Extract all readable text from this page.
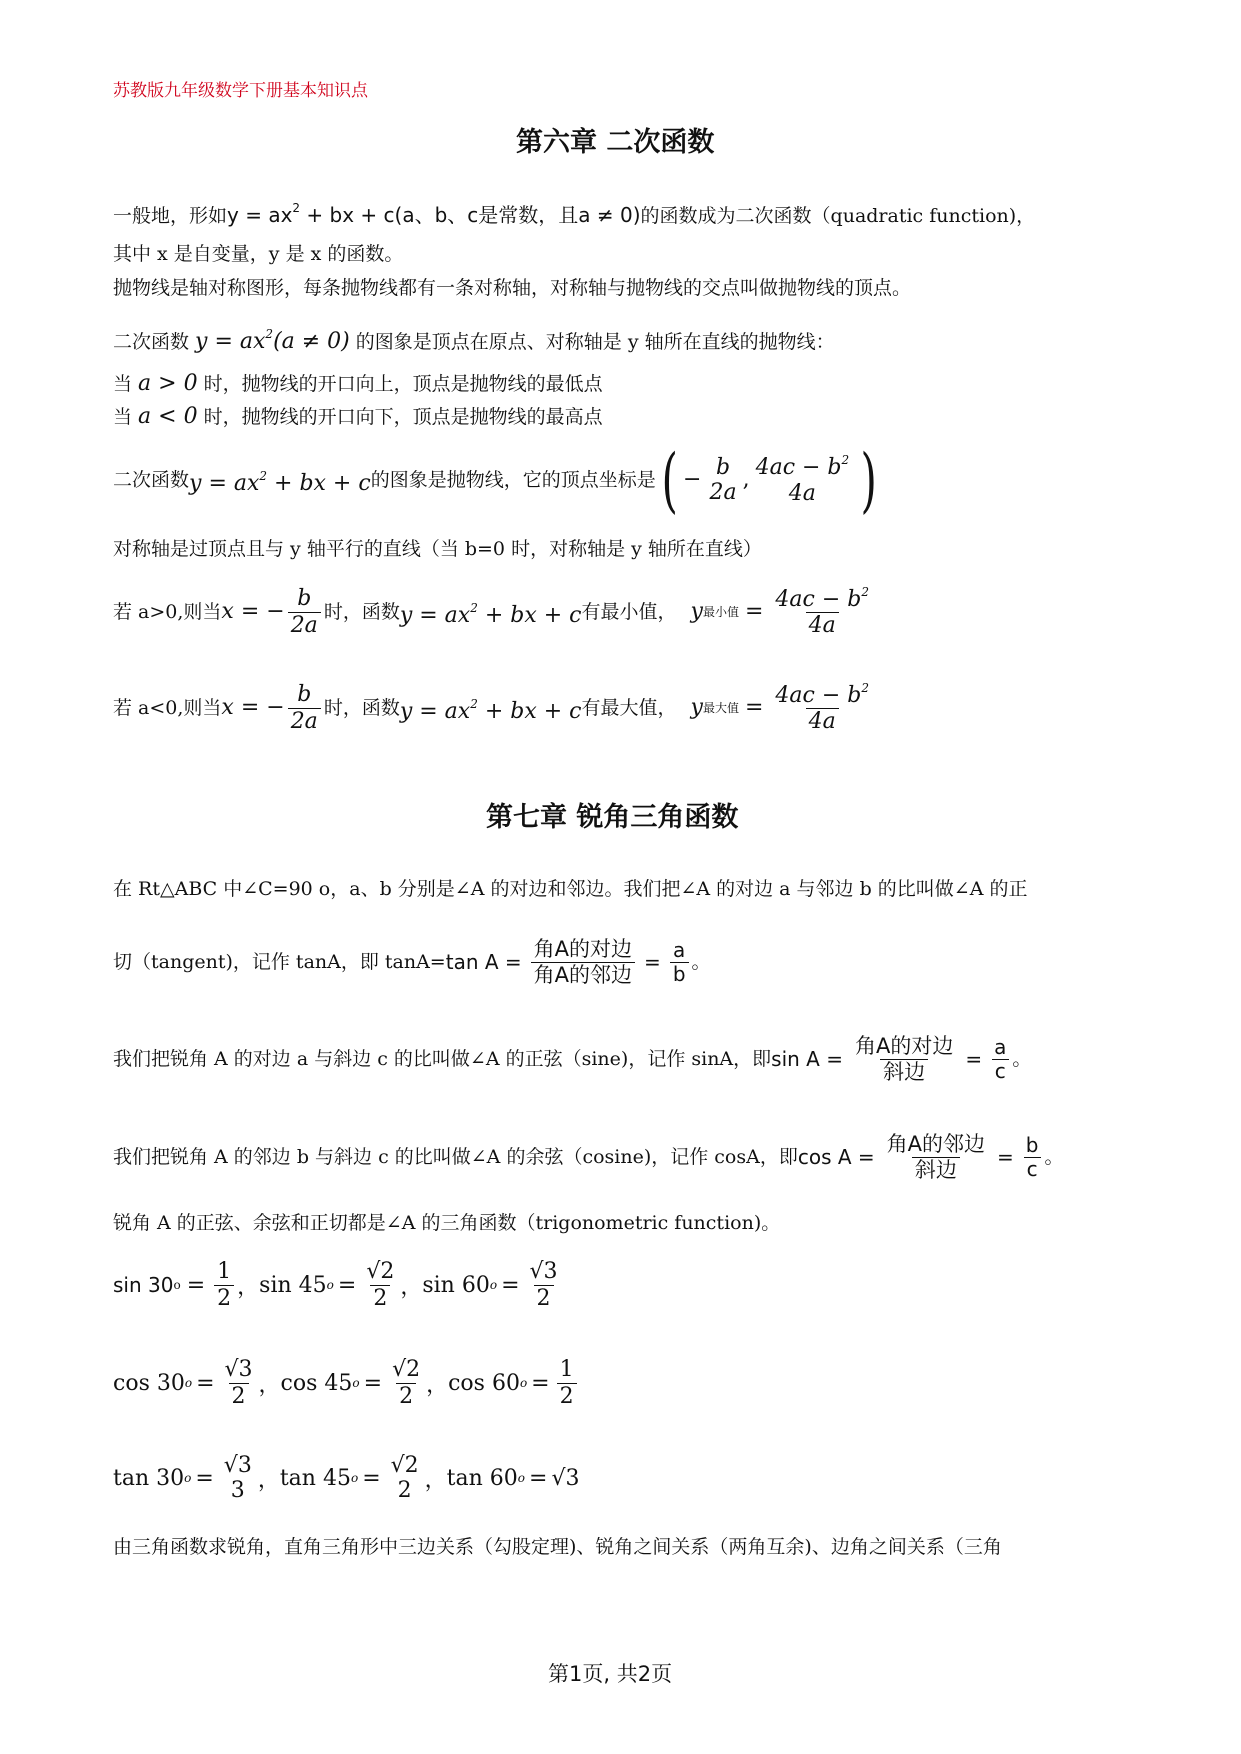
苏教版九年级数学下册基本知识点
第六章 二次函数
一般地，形如$y = ax^2$ + bx + c(a、b、c是常数，且a ≠ 0)的函数成为二次函数（quadratic function)，
其中 x 是自变量，y 是 x 的函数。
抛物线是轴对称图形，每条抛物线都有一条对称轴，对称轴与抛物线的交点叫做抛物线的顶点。
二次函数 $y = ax^2(a \ne 0)$ 的图象是顶点在原点、对称轴是 y 轴所在直线的抛物线：
当 a > 0 时，抛物线的开口向上，顶点是抛物线的最低点
当 a < 0 时，抛物线的开口向下，顶点是抛物线的最高点
二次函数 $y = ax^2$ + bx + c 的图象是抛物线，它的顶点坐标是 ( − b
2a
, $4ac - b^2$
4a )
对称轴是过顶点且与 y 轴平行的直线（当 b=0 时，对称轴是 y 轴所在直线）
若 a>0,则当 x = − $\frac{b}{2a}$ 时，函数 $y = ax^2$ + bx + c 有最小值， y 最小值 = $\frac{4ac - b^2}{4a}$
若 a<0,则当 x = − $\frac{b}{2a}$ 时，函数 $y = ax^2$ + bx + c 有最大值， y 最大值 = $\frac{4ac - b^2}{4a}$
第七章 锐角三角函数
在 Rt△ABC 中∠C=90 o，a、b 分别是∠A 的对边和邻边。我们把∠A 的对边 a 与邻边 b 的比叫做∠A 的正
切（tangent)，记作 tanA，即 $\tan A= \tan A = \frac{\text{角A的对边}}{\text{角A的邻边}} = \frac{a}{b}$ 。
我们把锐角 A 的对边 a 与斜边 c 的比叫做∠A 的正弦（sine)，记作 sinA，即 $\sin A = \frac{\text{角A的对边}}{\text{斜边}} = \frac{a}{c}$ 。
我们把锐角 A 的邻边 b 与斜边 c 的比叫做∠A 的余弦（cosine)，记作 cosA，即 $\cos A = \frac{\text{角A的邻边}}{\text{斜边}} = \frac{b}{c}$ 。
锐角 A 的正弦、余弦和正切都是∠A 的三角函数（trigonometric function)。
sin 30 $o = \frac{1}{2}$ ， sin 45 $o = \frac{√2}{2}$ ， sin 60 $o = \frac{√3}{2}$
cos 30 $o = \frac{√3}{2}$ ， cos 45 $o = \frac{√2}{2}$ ， cos 60 $o = \frac{1}{2}$
tan 30 o =
√3
3 ， tan 45 o =
√2
2 ， tan 60 o = √3
由三角函数求锐角，直角三角形中三边关系（勾股定理)、锐角之间关系（两角互余)、边角之间关系（三角
第1页, 共2页
